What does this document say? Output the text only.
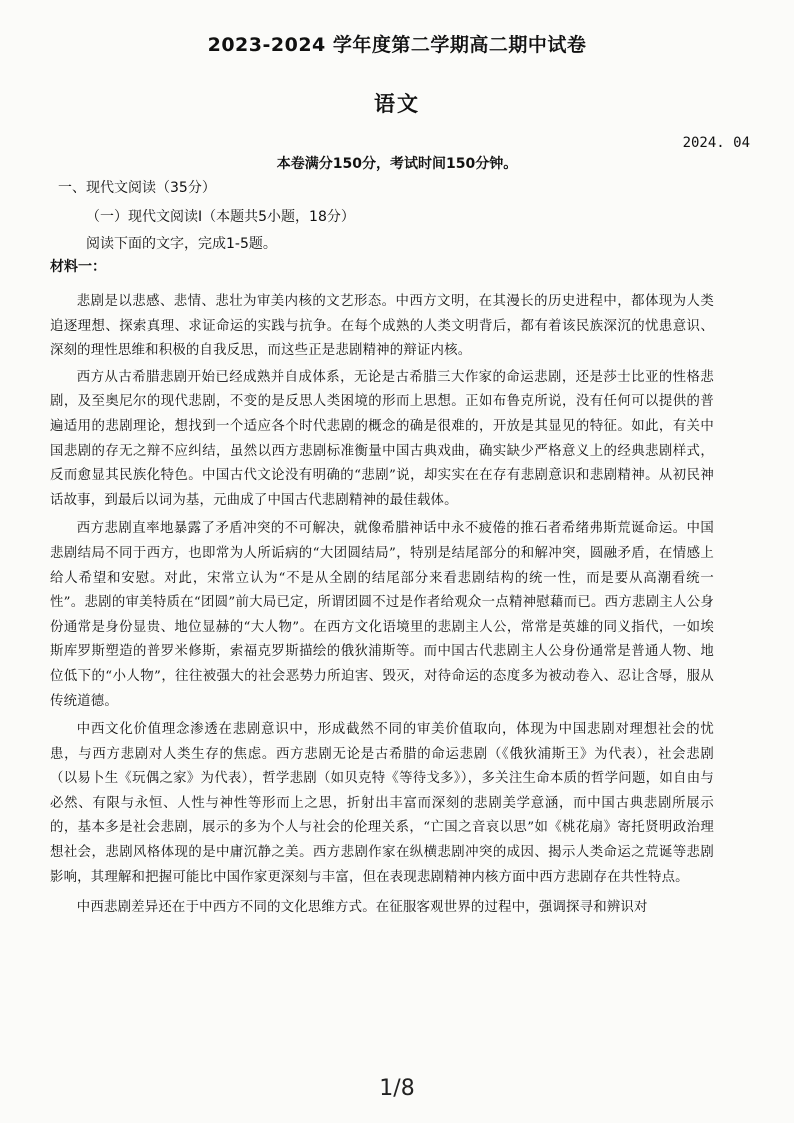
2023-2024 学年度第二学期高二期中试卷
语文
2024. 04
本卷满分150分，考试时间150分钟。
一、现代文阅读（35分）
（一）现代文阅读Ⅰ（本题共5小题，18分）
阅读下面的文字，完成1-5题。
材料一：

悲剧是以悲感、悲情、悲壮为审美内核的文艺形态。中西方文明，在其漫长的历史进程中，都体现为人类追逐理想、探索真理、求证命运的实践与抗争。在每个成熟的人类文明背后，都有着该民族深沉的忧患意识、深刻的理性思维和积极的自我反思，而这些正是悲剧精神的辩证内核。

西方从古希腊悲剧开始已经成熟并自成体系，无论是古希腊三大作家的命运悲剧，还是莎士比亚的性格悲剧，及至奥尼尔的现代悲剧，不变的是反思人类困境的形而上思想。正如布鲁克所说，没有任何可以提供的普遍适用的悲剧理论，想找到一个适应各个时代悲剧的概念的确是很难的，开放是其显见的特征。如此，有关中国悲剧的存无之辩不应纠结，虽然以西方悲剧标准衡量中国古典戏曲，确实缺少严格意义上的经典悲剧样式，反而愈显其民族化特色。中国古代文论没有明确的“悲剧”说，却实实在在存有悲剧意识和悲剧精神。从初民神话故事，到最后以词为基，元曲成了中国古代悲剧精神的最佳载体。

西方悲剧直率地暴露了矛盾冲突的不可解决，就像希腊神话中永不疲倦的推石者希绪弗斯荒诞命运。中国悲剧结局不同于西方，也即常为人所诟病的“大团圆结局”，特别是结尾部分的和解冲突，圆融矛盾，在情感上给人希望和安慰。对此，宋常立认为“不是从全剧的结尾部分来看悲剧结构的统一性，而是要从高潮看统一性”。悲剧的审美特质在“团圆”前大局已定，所谓团圆不过是作者给观众一点精神慰藉而已。西方悲剧主人公身份通常是身份显贵、地位显赫的“大人物”。在西方文化语境里的悲剧主人公，常常是英雄的同义指代，一如埃斯库罗斯塑造的普罗米修斯，索福克罗斯描绘的俄狄浦斯等。而中国古代悲剧主人公身份通常是普通人物、地位低下的“小人物”，往往被强大的社会恶势力所迫害、毁灭，对待命运的态度多为被动卷入、忍让含辱，服从传统道德。

中西文化价值理念渗透在悲剧意识中，形成截然不同的审美价值取向，体现为中国悲剧对理想社会的忧患，与西方悲剧对人类生存的焦虑。西方悲剧无论是古希腊的命运悲剧（《俄狄浦斯王》为代表），社会悲剧（以易卜生《玩偶之家》为代表），哲学悲剧（如贝克特《等待戈多》），多关注生命本质的哲学问题，如自由与必然、有限与永恒、人性与神性等形而上之思，折射出丰富而深刻的悲剧美学意涵，而中国古典悲剧所展示的，基本多是社会悲剧，展示的多为个人与社会的伦理关系，“亡国之音哀以思”如《桃花扇》寄托贤明政治理想社会，悲剧风格体现的是中庸沉静之美。西方悲剧作家在纵横悲剧冲突的成因、揭示人类命运之荒诞等悲剧影响，其理解和把握可能比中国作家更深刻与丰富，但在表现悲剧精神内核方面中西方悲剧存在共性特点。

中西悲剧差异还在于中西方不同的文化思维方式。在征服客观世界的过程中，强调探寻和辨识对

1/8
